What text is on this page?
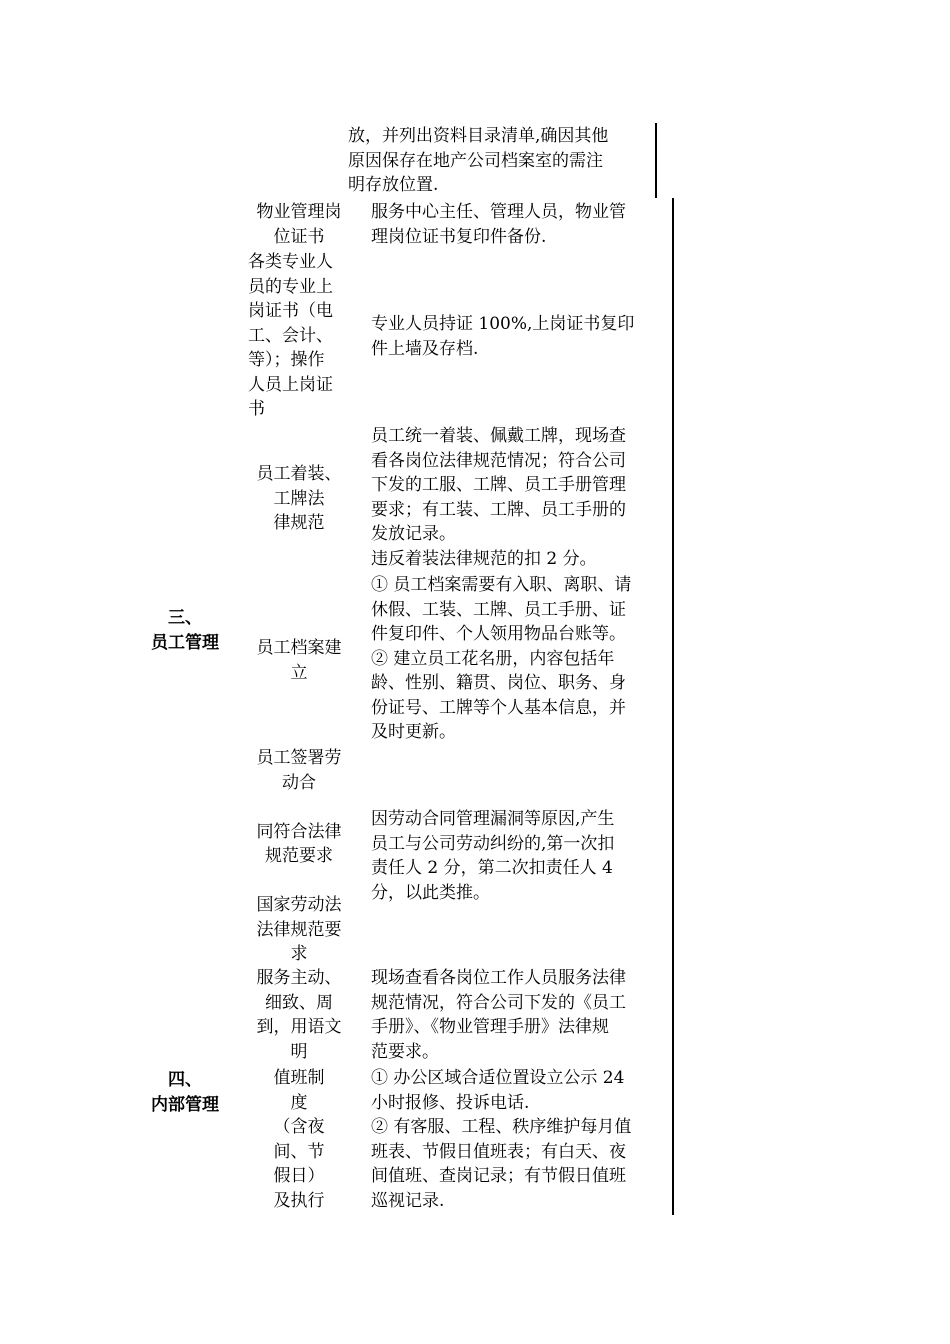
放，并列出资料目录清单,确因其他
原因保存在地产公司档案室的需注
明存放位置.
三、
员工管理
物业管理岗
位证书
服务中心主任、管理人员，物业管
理岗位证书复印件备份.
各类专业人
员的专业上
岗证书（电
工、会计、
等）；操作
人员上岗证
书
专业人员持证 100%,上岗证书复印
件上墙及存档.
员工着装、
工牌法
律规范
员工统一着装、佩戴工牌，现场查
看各岗位法律规范情况；符合公司
下发的工服、工牌、员工手册管理
要求；有工装、工牌、员工手册的
发放记录。
违反着装法律规范的扣 2 分。
员工档案建
立
① 员工档案需要有入职、离职、请
休假、工装、工牌、员工手册、证
件复印件、个人领用物品台账等。
② 建立员工花名册，内容包括年
龄、性别、籍贯、岗位、职务、身
份证号、工牌等个人基本信息，并
及时更新。
员工签署劳
动合

同符合法律
规范要求

国家劳动法
法律规范要
求
因劳动合同管理漏洞等原因,产生
员工与公司劳动纠纷的,第一次扣
责任人 2 分，第二次扣责任人 4
分，以此类推。
四、
内部管理
服务主动、
细致、周
到，用语文
明
现场查看各岗位工作人员服务法律
规范情况，符合公司下发的《员工
手册》、《物业管理手册》法律规
范要求。
值班制
度
（含夜
间、节
假日）
及执行
① 办公区域合适位置设立公示 24
小时报修、投诉电话.
② 有客服、工程、秩序维护每月值
班表、节假日值班表；有白天、夜
间值班、查岗记录；有节假日值班
巡视记录.
